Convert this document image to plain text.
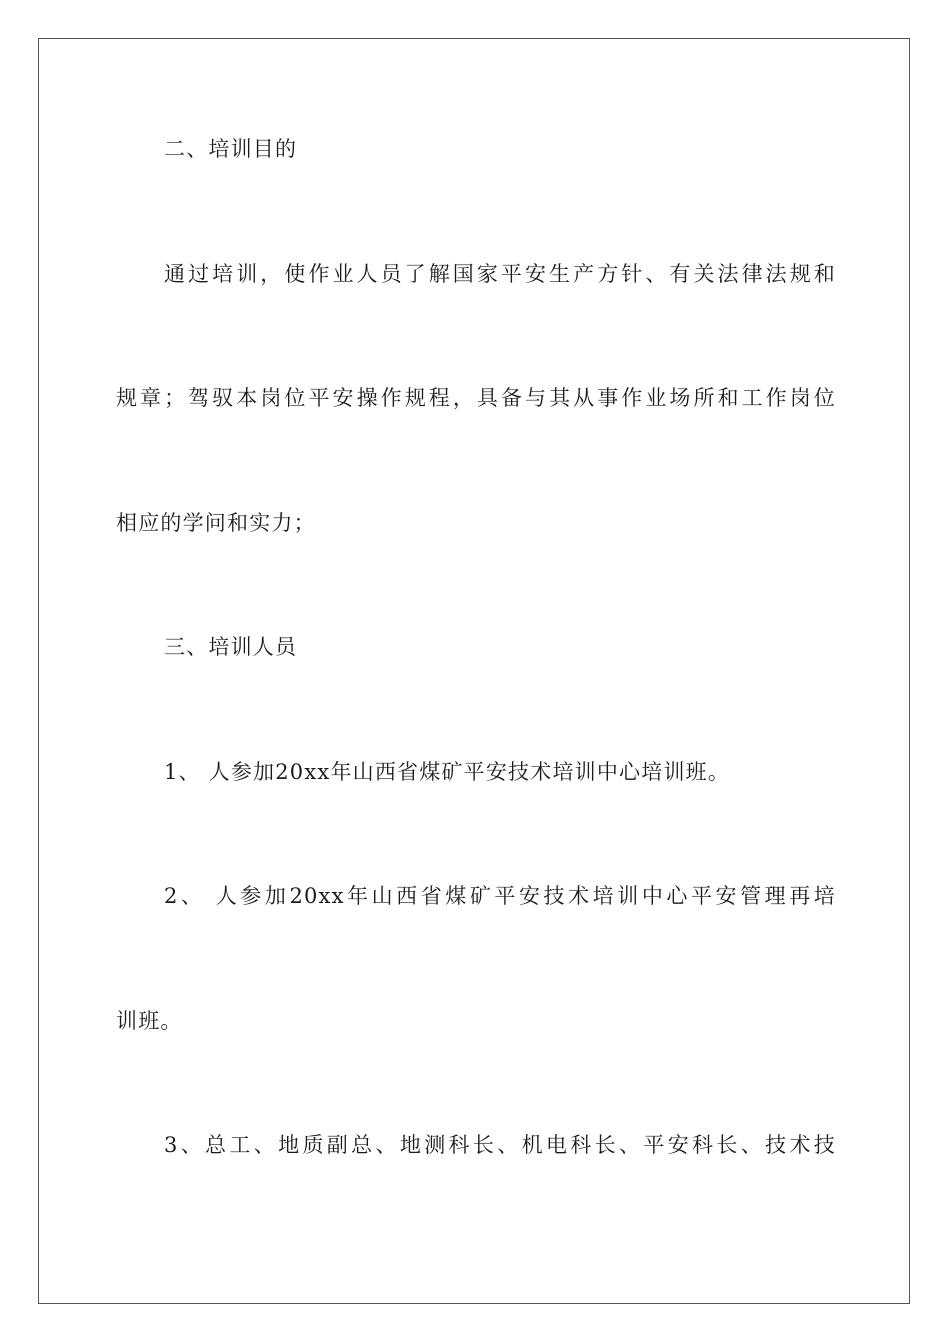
二、培训目的
通过培训，使作业人员了解国家平安生产方针、有关法律法规和
规章；驾驭本岗位平安操作规程，具备与其从事作业场所和工作岗位
相应的学问和实力；
三、培训人员
1、 人参加20xx年山西省煤矿平安技术培训中心培训班。
2、 人参加20xx年山西省煤矿平安技术培训中心平安管理再培
训班。
3、总工、地质副总、地测科长、机电科长、平安科长、技术技
